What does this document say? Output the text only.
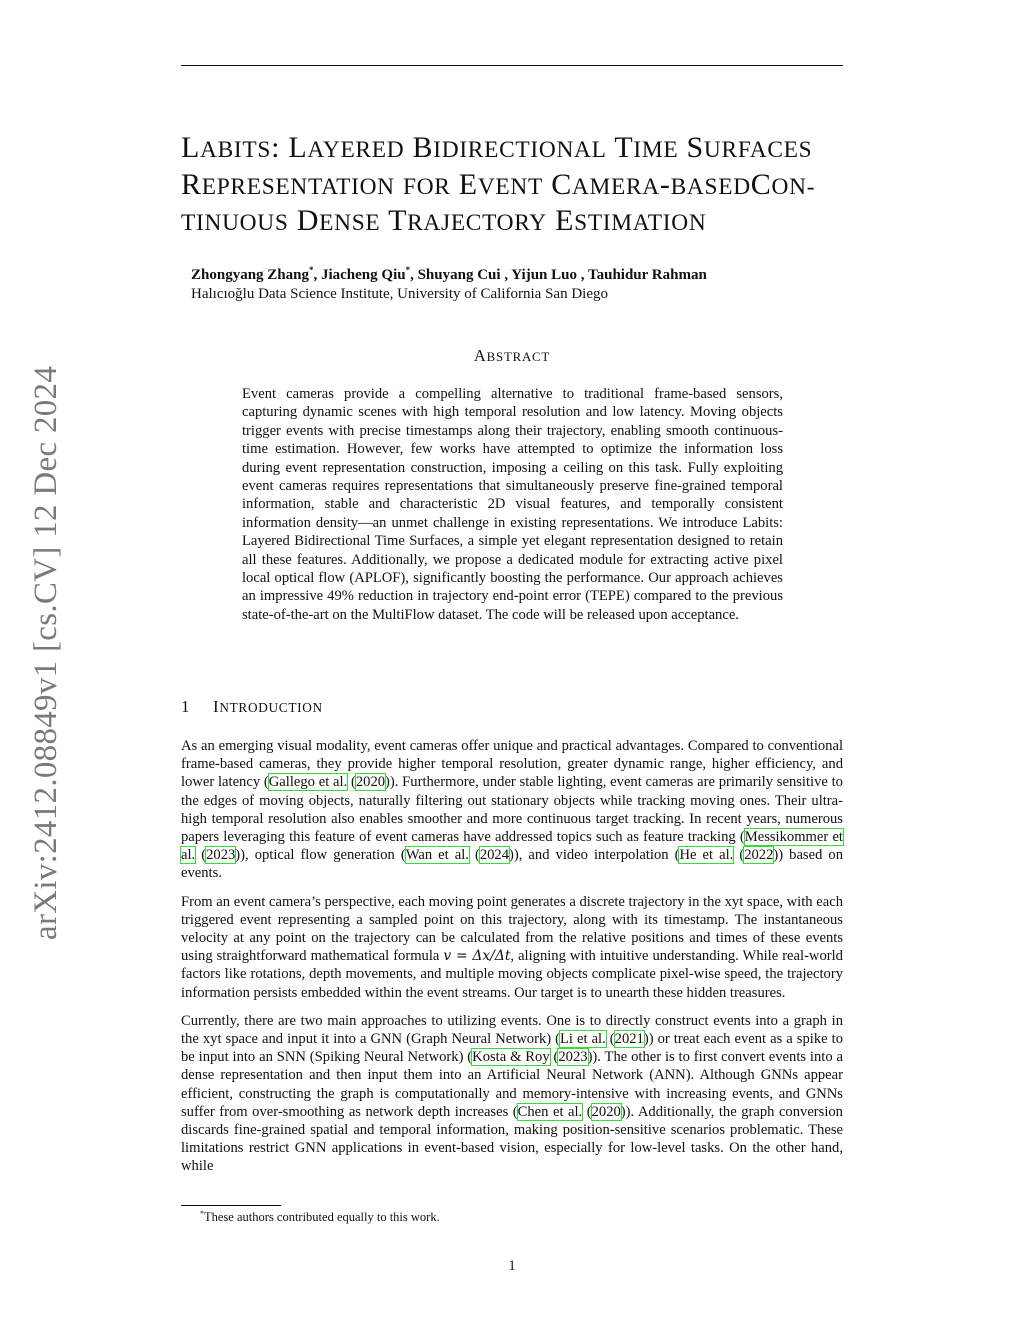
arXiv:2412.08849v1 [cs.CV] 12 Dec 2024
LABITS: LAYERED BIDIRECTIONAL TIME SURFACES REPRESENTATION FOR EVENT CAMERA-BASEDCON- TINUOUS DENSE TRAJECTORY ESTIMATION
Zhongyang Zhang*, Jiacheng Qiu*, Shuyang Cui , Yijun Luo , Tauhidur Rahman
Halıcıoğlu Data Science Institute, University of California San Diego
ABSTRACT
Event cameras provide a compelling alternative to traditional frame-based sensors, capturing dynamic scenes with high temporal resolution and low latency. Moving objects trigger events with precise timestamps along their trajectory, enabling smooth continuous-time estimation. However, few works have attempted to optimize the information loss during event representation construction, imposing a ceiling on this task. Fully exploiting event cameras requires representations that simultaneously preserve fine-grained temporal information, stable and characteristic 2D visual features, and temporally consistent information density—an unmet challenge in existing representations. We introduce Labits: Layered Bidirectional Time Surfaces, a simple yet elegant representation designed to retain all these features. Additionally, we propose a dedicated module for extracting active pixel local optical flow (APLOF), significantly boosting the performance. Our approach achieves an impressive 49% reduction in trajectory end-point error (TEPE) compared to the previous state-of-the-art on the MultiFlow dataset. The code will be released upon acceptance.
1 INTRODUCTION

As an emerging visual modality, event cameras offer unique and practical advantages. Compared to conventional frame-based cameras, they provide higher temporal resolution, greater dynamic range, higher efficiency, and lower latency (Gallego et al. (2020)). Furthermore, under stable lighting, event cameras are primarily sensitive to the edges of moving objects, naturally filtering out stationary objects while tracking moving ones. Their ultra-high temporal resolution also enables smoother and more continuous target tracking. In recent years, numerous papers leveraging this feature of event cameras have addressed topics such as feature tracking (Messikommer et al. (2023)), optical flow generation (Wan et al. (2024)), and video interpolation (He et al. (2022)) based on events.

From an event camera’s perspective, each moving point generates a discrete trajectory in the xyt space, with each triggered event representing a sampled point on this trajectory, along with its timestamp. The instantaneous velocity at any point on the trajectory can be calculated from the relative positions and times of these events using straightforward mathematical formula v = Δx/Δt, aligning with intuitive understanding. While real-world factors like rotations, depth movements, and multiple moving objects complicate pixel-wise speed, the trajectory information persists embedded within the event streams. Our target is to unearth these hidden treasures.

Currently, there are two main approaches to utilizing events. One is to directly construct events into a graph in the xyt space and input it into a GNN (Graph Neural Network) (Li et al. (2021)) or treat each event as a spike to be input into an SNN (Spiking Neural Network) (Kosta & Roy (2023)). The other is to first convert events into a dense representation and then input them into an Artificial Neural Network (ANN). Although GNNs appear efficient, constructing the graph is computationally and memory-intensive with increasing events, and GNNs suffer from over-smoothing as network depth increases (Chen et al. (2020)). Additionally, the graph conversion discards fine-grained spatial and temporal information, making position-sensitive scenarios problematic. These limitations restrict GNN applications in event-based vision, especially for low-level tasks. On the other hand, while

*These authors contributed equally to this work.
1
